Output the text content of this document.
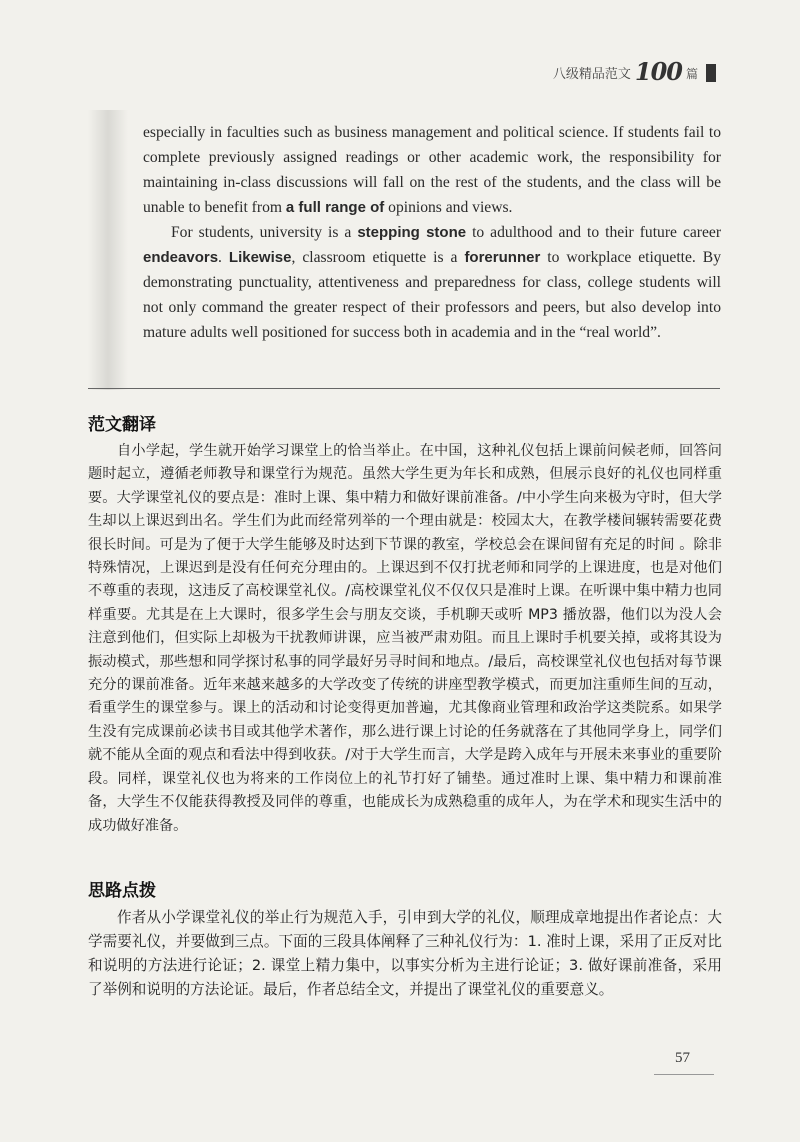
八级精品范文 100 篇

especially in faculties such as business management and political science. If students fail to complete previously assigned readings or other academic work, the responsibility for maintaining in-class discussions will fall on the rest of the students, and the class will be unable to benefit from a full range of opinions and views.

For students, university is a stepping stone to adulthood and to their future career endeavors. Likewise, classroom etiquette is a forerunner to workplace etiquette. By demonstrating punctuality, attentiveness and preparedness for class, college students will not only command the greater respect of their professors and peers, but also develop into mature adults well positioned for success both in academia and in the “real world”.

范文翻译

自小学起，学生就开始学习课堂上的恰当举止。在中国，这种礼仪包括上课前问候老师，回答问题时起立，遵循老师教导和课堂行为规范。虽然大学生更为年长和成熟，但展示良好的礼仪也同样重要。大学课堂礼仪的要点是：准时上课、集中精力和做好课前准备。/中小学生向来极为守时，但大学生却以上课迟到出名。学生们为此而经常列举的一个理由就是：校园太大，在教学楼间辗转需要花费很长时间。可是为了便于大学生能够及时达到下节课的教室，学校总会在课间留有充足的时间 。除非特殊情况，上课迟到是没有任何充分理由的。上课迟到不仅打扰老师和同学的上课进度，也是对他们不尊重的表现，这违反了高校课堂礼仪。/高校课堂礼仪不仅仅只是准时上课。在听课中集中精力也同样重要。尤其是在上大课时，很多学生会与朋友交谈，手机聊天或听 MP3 播放器，他们以为没人会注意到他们，但实际上却极为干扰教师讲课，应当被严肃劝阻。而且上课时手机要关掉，或将其设为振动模式，那些想和同学探讨私事的同学最好另寻时间和地点。/最后，高校课堂礼仪也包括对每节课充分的课前准备。近年来越来越多的大学改变了传统的讲座型教学模式，而更加注重师生间的互动，看重学生的课堂参与。课上的活动和讨论变得更加普遍，尤其像商业管理和政治学这类院系。如果学生没有完成课前必读书目或其他学术著作，那么进行课上讨论的任务就落在了其他同学身上，同学们就不能从全面的观点和看法中得到收获。/对于大学生而言，大学是跨入成年与开展未来事业的重要阶段。同样，课堂礼仪也为将来的工作岗位上的礼节打好了铺垫。通过准时上课、集中精力和课前准备，大学生不仅能获得教授及同伴的尊重，也能成长为成熟稳重的成年人，为在学术和现实生活中的成功做好准备。

思路点拨

作者从小学课堂礼仪的举止行为规范入手，引申到大学的礼仪，顺理成章地提出作者论点：大学需要礼仪，并要做到三点。下面的三段具体阐释了三种礼仪行为：1. 准时上课，采用了正反对比和说明的方法进行论证；2. 课堂上精力集中，以事实分析为主进行论证；3. 做好课前准备，采用了举例和说明的方法论证。最后，作者总结全文，并提出了课堂礼仪的重要意义。

57
